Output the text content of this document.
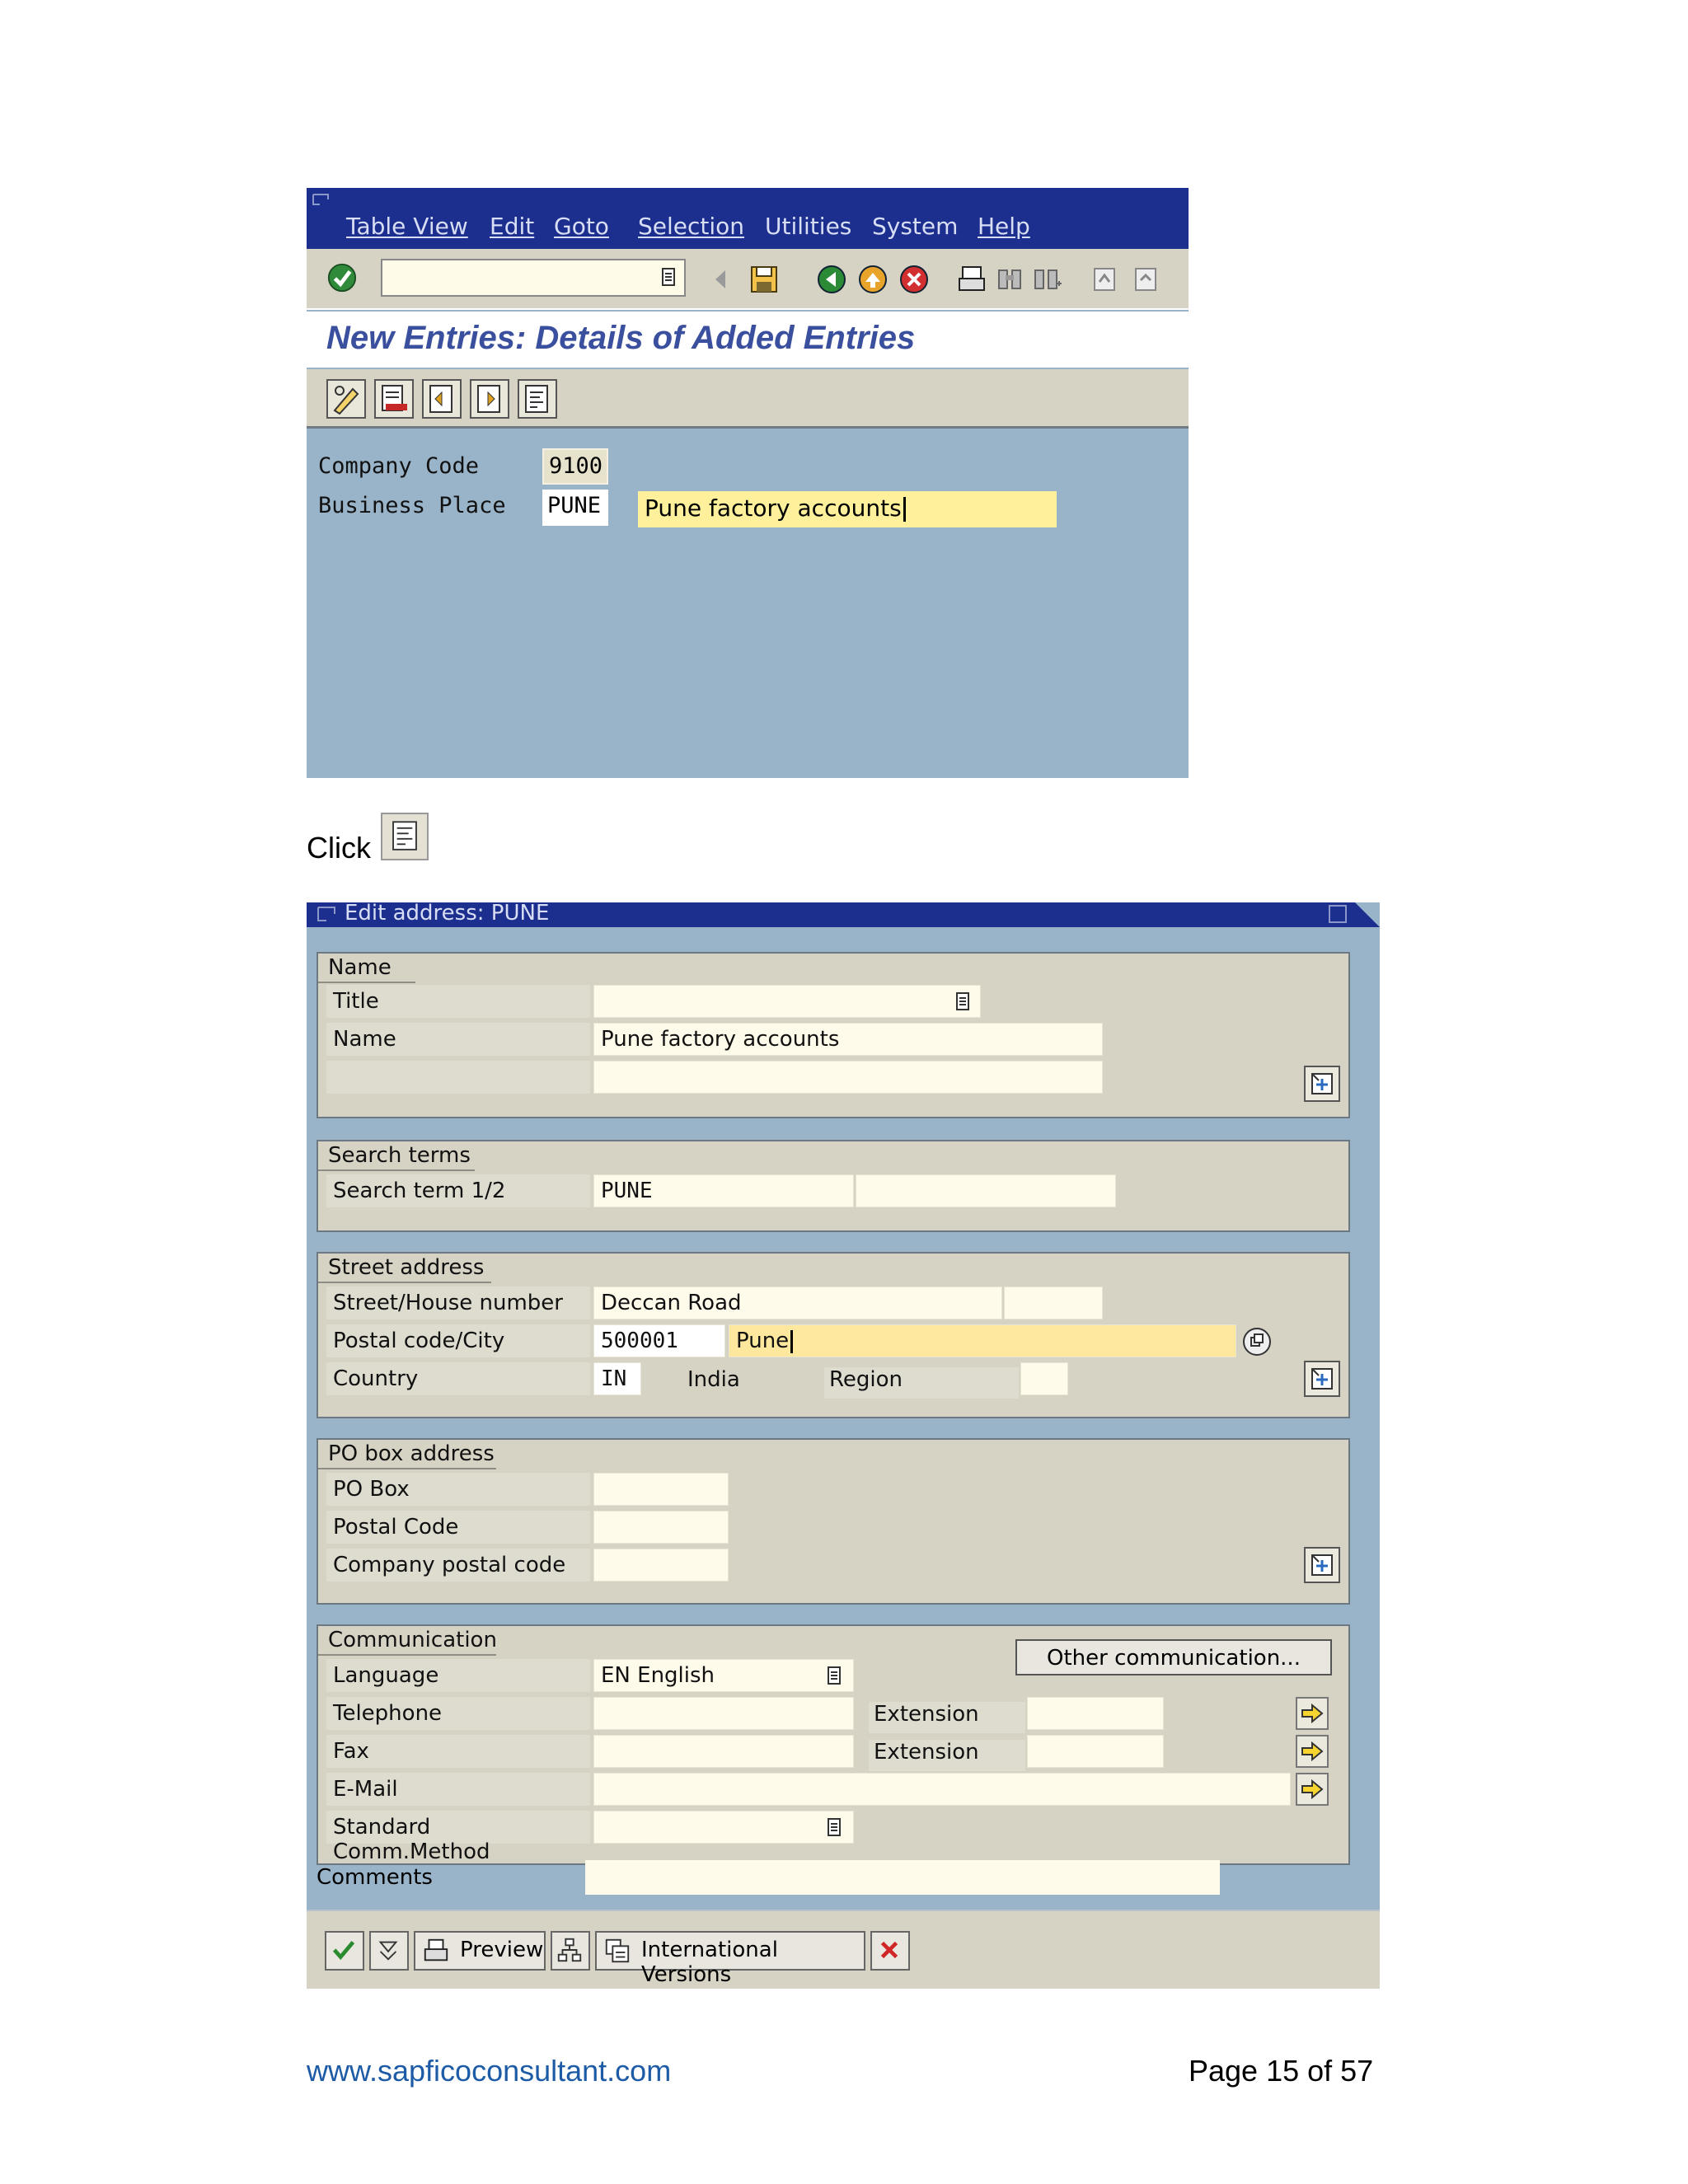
Table View Edit Goto Selection Utilities System Help
New Entries: Details of Added Entries
Company Code	9100
Business Place PUNE	Pune factory accounts
Click
Edit address: PUNE
Name
Title
Name	Pune factory accounts
Search terms
Search term 1/2	PUNE
Street address
Street/House number	Deccan Road
Postal code/City	500001	Pune
Country	IN	India	Region
PO box address
PO Box
Postal Code
Company postal code
Communication
Language	EN English
Other communication...
Telephone	Extension
Fax	Extension
E-Mail
Standard Comm.Method
Comments
Preview	International Versions
www.sapficoconsultant.com	Page 15 of 57
